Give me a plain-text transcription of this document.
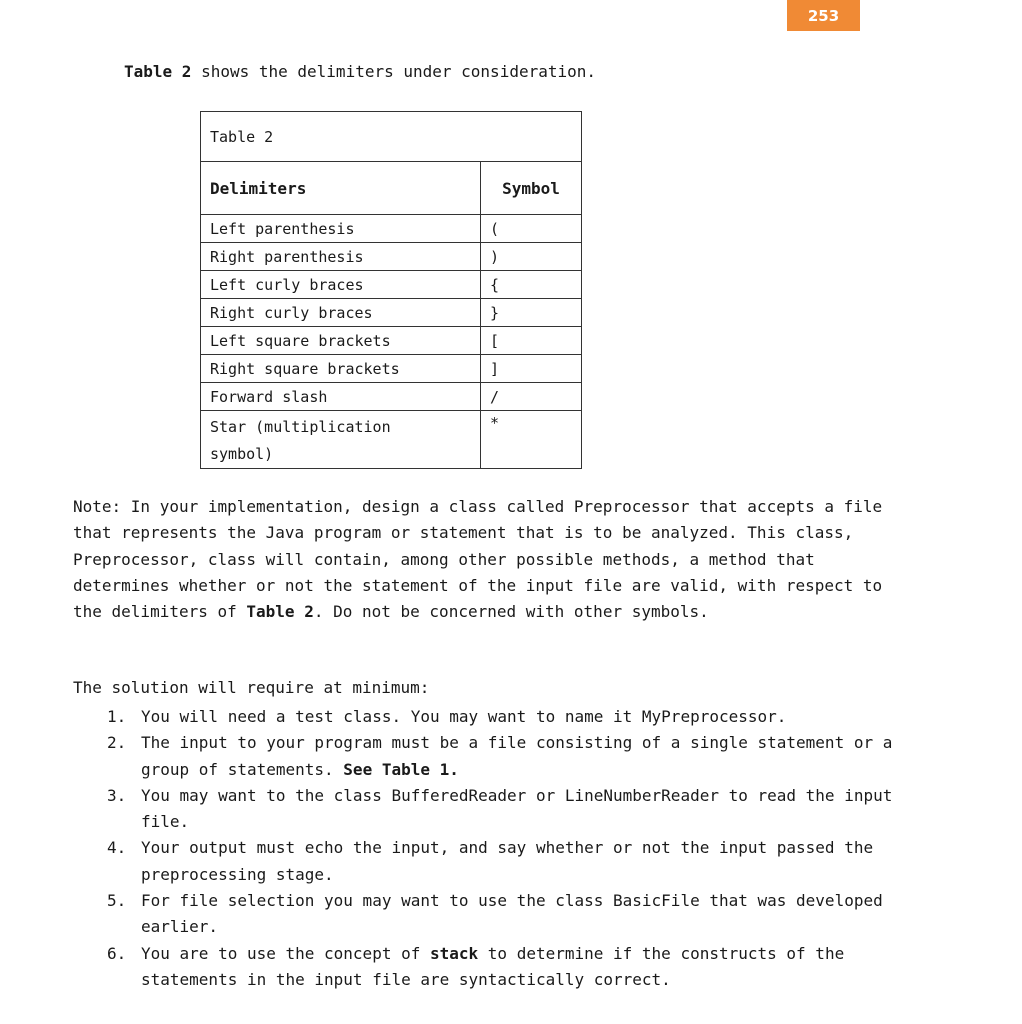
253
Table 2 shows the delimiters under consideration.
Table 2	
Delimiters	Symbol
Left parenthesis	(
Right parenthesis	)
Left curly braces	{
Right curly braces	}
Left square brackets	[
Right square brackets	]
Forward slash	/
Star (multiplication
symbol)	*
Note: In your implementation, design a class called Preprocessor that accepts a file that represents the Java program or statement that is to be analyzed. This class, Preprocessor, class will contain, among other possible methods, a method that determines whether or not the statement of the input file are valid, with respect to the delimiters of Table 2. Do not be concerned with other symbols.
The solution will require at minimum:
1. You will need a test class. You may want to name it MyPreprocessor.
2. The input to your program must be a file consisting of a single statement or a group of statements. See Table 1.
3. You may want to the class BufferedReader or LineNumberReader to read the input file.
4. Your output must echo the input, and say whether or not the input passed the preprocessing stage.
5. For file selection you may want to use the class BasicFile that was developed earlier.
6. You are to use the concept of stack to determine if the constructs of the statements in the input file are syntactically correct.
